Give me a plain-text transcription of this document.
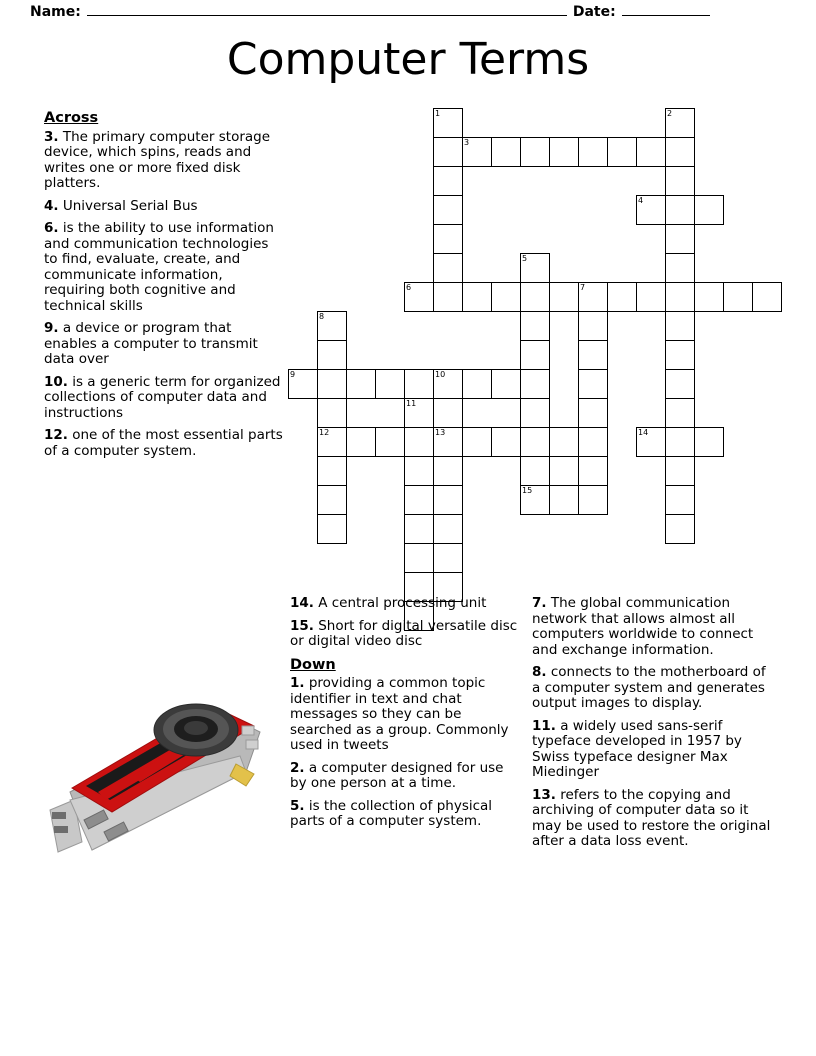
Name:	Date:
Computer Terms
Across
3. The primary computer storage device, which spins, reads and writes one or more fixed disk platters.
4. Universal Serial Bus
6. is the ability to use information and communication technologies to find, evaluate, create, and communicate information, requiring both cognitive and technical skills
9. a device or program that enables a computer to transmit data over
10. is a generic term for organized collections of computer data and instructions
12. one of the most essential parts of a computer system.
1	2
3
4
5
6	7
8
9	10
11
12	13	14
15
14. A central processing unit
15. Short for digital versatile disc or digital video disc
Down
1. providing a common topic identifier in text and chat messages so they can be searched as a group. Commonly used in tweets
2. a computer designed for use by one person at a time.
5. is the collection of physical parts of a computer system.
7. The global communication network that allows almost all computers worldwide to connect and exchange information.
8. connects to the motherboard of a computer system and generates output images to display.
11. a widely used sans-serif typeface developed in 1957 by Swiss typeface designer Max Miedinger
13. refers to the copying and archiving of computer data so it may be used to restore the original after a data loss event.
